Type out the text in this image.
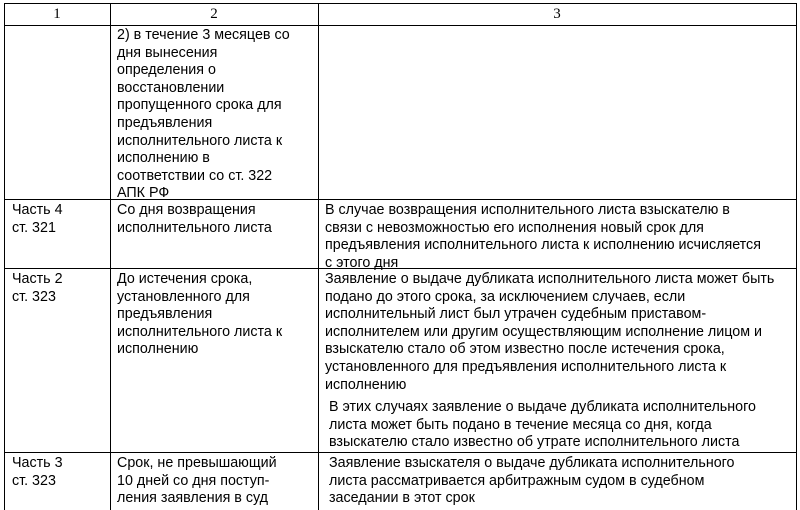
1	2	3
2) в течение 3 месяцев со
дня вынесения
определения о
восстановлении
пропущенного срока для
предъявления
исполнительного листа к
исполнению в
соответствии со ст. 322
АПК РФ
Часть 4
ст. 321
Со дня возвращения
исполнительного листа
В случае возвращения исполнительного листа взыскателю в
связи с невозможностью его исполнения новый срок для
предъявления исполнительного листа к исполнению исчисляется
с этого дня
Часть 2
ст. 323
До истечения срока,
установленного для
предъявления
исполнительного листа к
исполнению
Заявление о выдаче дубликата исполнительного листа может быть
подано до этого срока, за исключением случаев, если
исполнительный лист был утрачен судебным приставом-
исполнителем или другим осуществляющим исполнение лицом и
взыскателю стало об этом известно после истечения срока,
установленного для предъявления исполнительного листа к
исполнению
В этих случаях заявление о выдаче дубликата исполнительного
листа может быть подано в течение месяца со дня, когда
взыскателю стало известно об утрате исполнительного листа
Часть 3
ст. 323
Срок, не превышающий
10 дней со дня поступ-
ления заявления в суд
Заявление взыскателя о выдаче дубликата исполнительного
листа рассматривается арбитражным судом в судебном
заседании в этот срок
